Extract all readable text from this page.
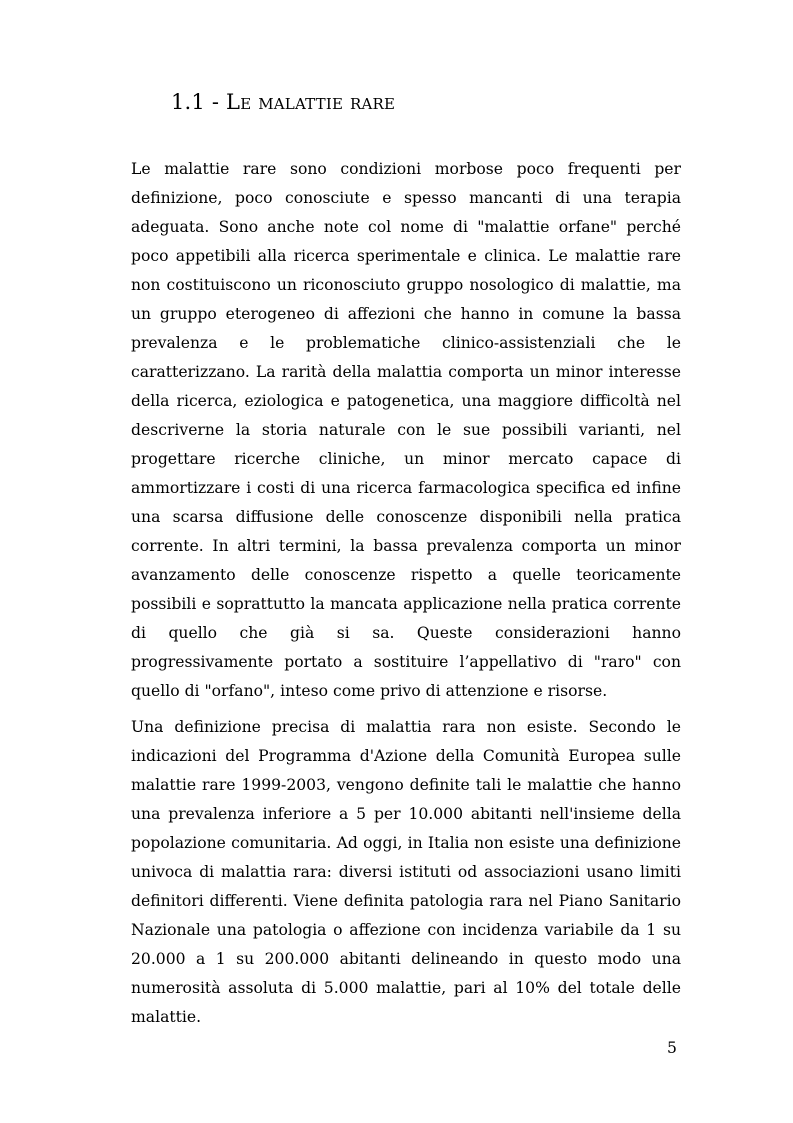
1.1 - Le malattie rare

Le malattie rare sono condizioni morbose poco frequenti per definizione, poco conosciute e spesso mancanti di una terapia adeguata. Sono anche note col nome di "malattie orfane" perché poco appetibili alla ricerca sperimentale e clinica. Le malattie rare non costituiscono un riconosciuto gruppo nosologico di malattie, ma un gruppo eterogeneo di affezioni che hanno in comune la bassa prevalenza e le problematiche clinico-assistenziali che le caratterizzano. La rarità della malattia comporta un minor interesse della ricerca, eziologica e patogenetica, una maggiore difficoltà nel descriverne la storia naturale con le sue possibili varianti, nel progettare ricerche cliniche, un minor mercato capace di ammortizzare i costi di una ricerca farmacologica specifica ed infine una scarsa diffusione delle conoscenze disponibili nella pratica corrente. In altri termini, la bassa prevalenza comporta un minor avanzamento delle conoscenze rispetto a quelle teoricamente possibili e soprattutto la mancata applicazione nella pratica corrente di quello che già si sa. Queste considerazioni hanno progressivamente portato a sostituire l’appellativo di "raro" con quello di "orfano", inteso come privo di attenzione e risorse.

Una definizione precisa di malattia rara non esiste. Secondo le indicazioni del Programma d'Azione della Comunità Europea sulle malattie rare 1999-2003, vengono definite tali le malattie che hanno una prevalenza inferiore a 5 per 10.000 abitanti nell'insieme della popolazione comunitaria. Ad oggi, in Italia non esiste una definizione univoca di malattia rara: diversi istituti od associazioni usano limiti definitori differenti. Viene definita patologia rara nel Piano Sanitario Nazionale una patologia o affezione con incidenza variabile da 1 su 20.000 a 1 su 200.000 abitanti delineando in questo modo una numerosità assoluta di 5.000 malattie, pari al 10% del totale delle malattie.

5
